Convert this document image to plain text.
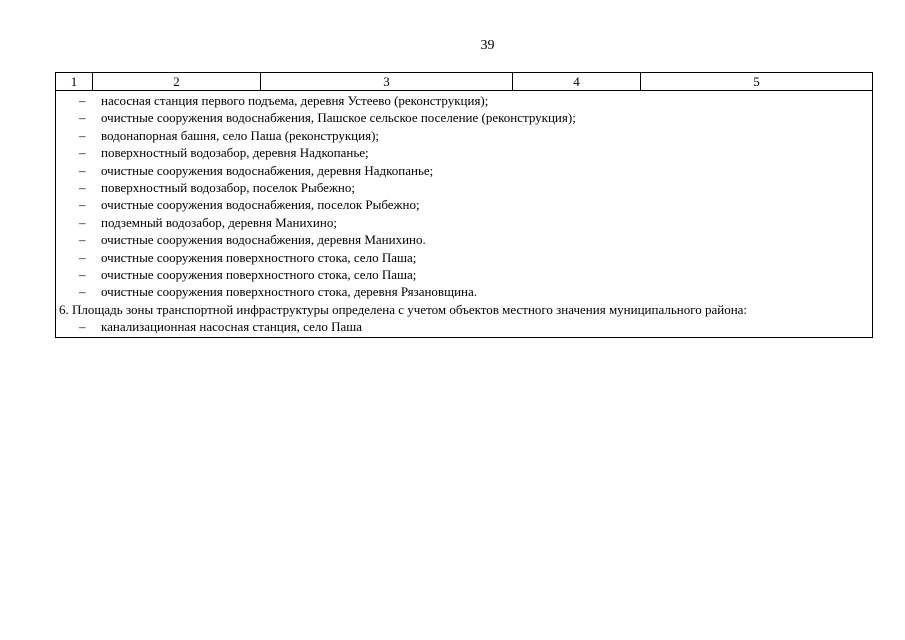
39
1	2	3	4	5

– насосная станция первого подъема, деревня Устеево (реконструкция);
– очистные сооружения водоснабжения, Пашское сельское поселение (реконструкция);
– водонапорная башня, село Паша (реконструкция);
– поверхностный водозабор, деревня Надкопанье;
– очистные сооружения водоснабжения, деревня Надкопанье;
– поверхностный водозабор, поселок Рыбежно;
– очистные сооружения водоснабжения, поселок Рыбежно;
– подземный водозабор, деревня Манихино;
– очистные сооружения водоснабжения, деревня Манихино.
– очистные сооружения поверхностного стока, село Паша;
– очистные сооружения поверхностного стока, село Паша;
– очистные сооружения поверхностного стока, деревня Рязановщина.
6. Площадь зоны транспортной инфраструктуры определена с учетом объектов местного значения муниципального района:
– канализационная насосная станция, село Паша
